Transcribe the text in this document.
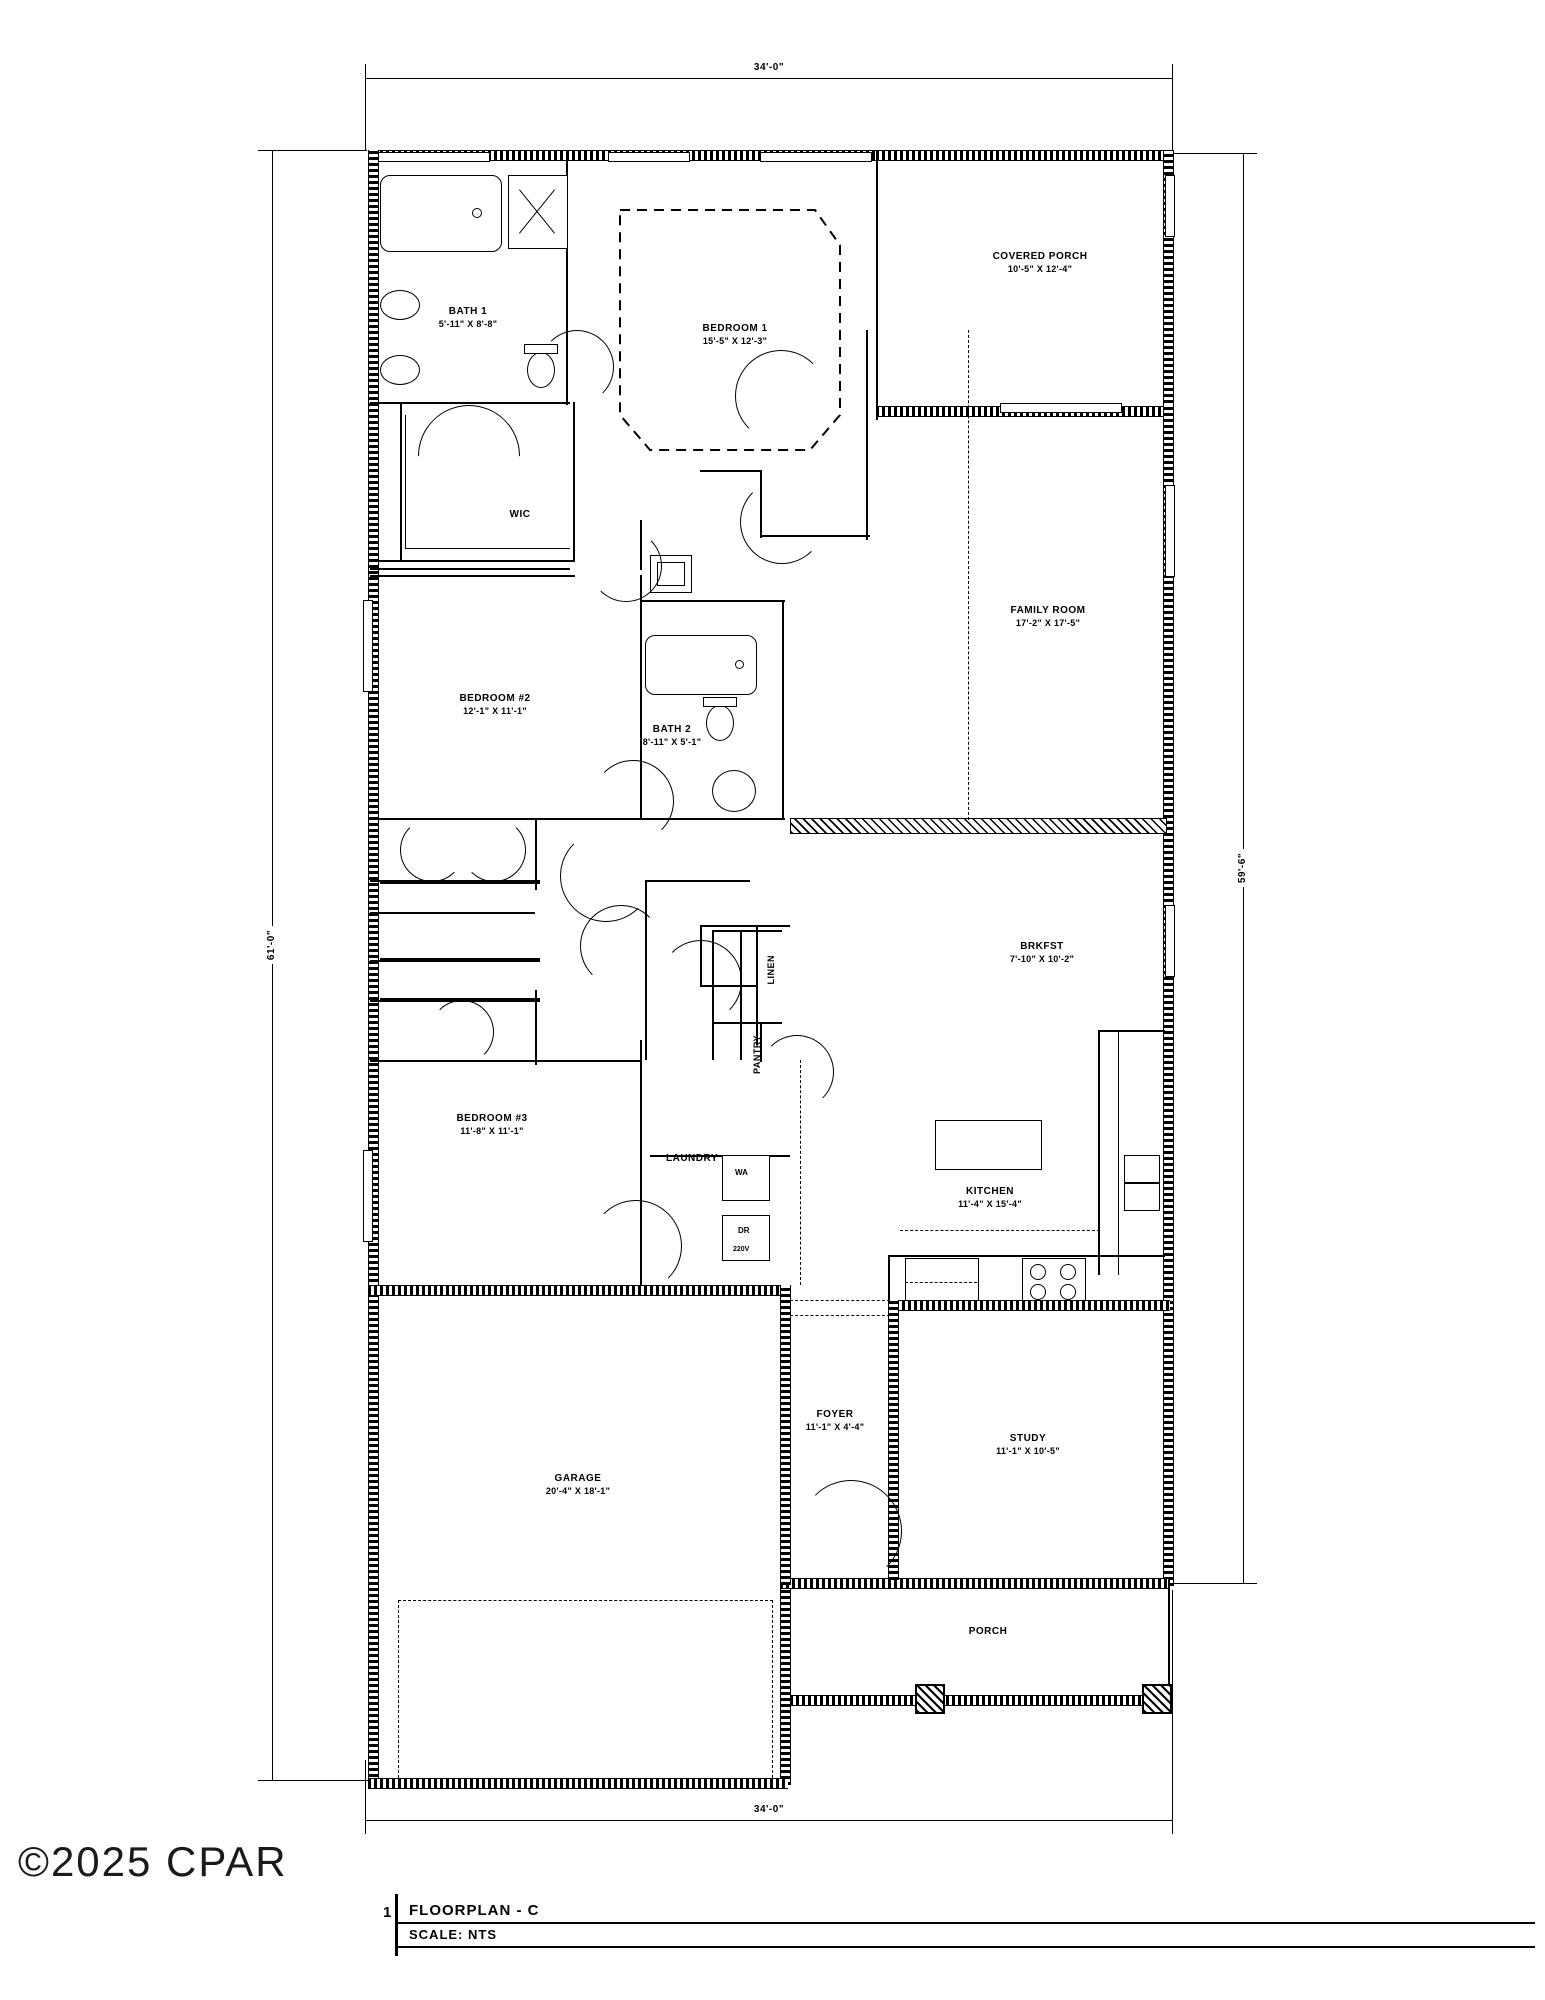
34'-0"
34'-0"
61'-0"
59'-6"
BATH 1
5'-11" X 8'-8"	BEDROOM 1
15'-5" X 12'-3"
COVERED PORCH
10'-5" X 12'-4"
WIC
BEDROOM #2
12'-1" X 11'-1"
BATH 2
8'-11" X 5'-1"
FAMILY ROOM
17'-2" X 17'-5"
BRKFST
7'-10" X 10'-2"
BEDROOM #3
11'-8" X 11'-1"
LAUNDRY
KITCHEN
11'-4" X 15'-4"
GARAGE
20'-4" X 18'-1"
FOYER
11'-1" X 4'-4"
STUDY
11'-1" X 10'-5"
PORCH
LINEN
PANTRY
WA
DR
220V
©2025 CPAR
1	FLOORPLAN - C
SCALE: NTS
